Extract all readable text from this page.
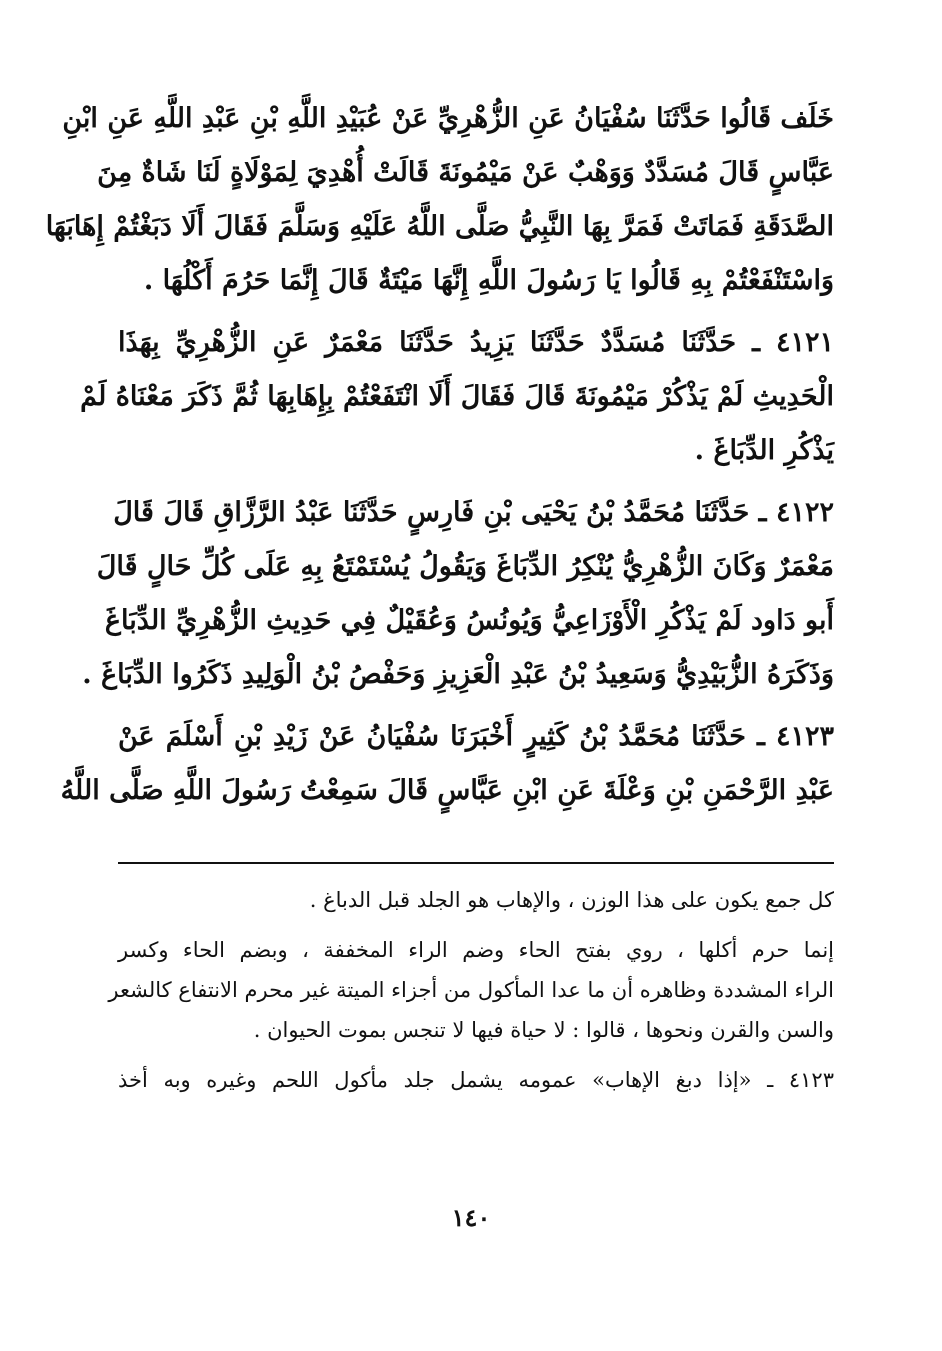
خَلَف قَالُوا حَدَّثَنَا سُفْيَانُ عَنِ الزُّهْرِيِّ عَنْ عُبَيْدِ اللَّهِ بْنِ عَبْدِ اللَّهِ عَنِ ابْنِ
عَبَّاسٍ قَالَ مُسَدَّدٌ وَوَهْبٌ عَنْ مَيْمُونَةَ قَالَتْ أُهْدِيَ لِمَوْلَاةٍ لَنَا شَاةٌ مِنَ
الصَّدَقَةِ فَمَاتَتْ فَمَرَّ بِهَا النَّبِيُّ صَلَّى اللَّهُ عَلَيْهِ وَسَلَّمَ فَقَالَ أَلَا دَبَغْتُمْ إِهَابَهَا
وَاسْتَنْفَعْتُمْ بِهِ قَالُوا يَا رَسُولَ اللَّهِ إِنَّهَا مَيْتَةٌ قَالَ إِنَّمَا حَرُمَ أَكْلُهَا .
٤١٢١ ـ حَدَّثَنَا مُسَدَّدٌ حَدَّثَنَا يَزِيدُ حَدَّثَنَا مَعْمَرٌ عَنِ الزُّهْرِيِّ بِهَذَا
الْحَدِيثِ لَمْ يَذْكُرْ مَيْمُونَةَ قَالَ فَقَالَ أَلَا انْتَفَعْتُمْ بِإِهَابِهَا ثُمَّ ذَكَرَ مَعْنَاهُ لَمْ
يَذْكُرِ الدِّبَاغَ .
٤١٢٢ ـ حَدَّثَنَا مُحَمَّدُ بْنُ يَحْيَى بْنِ فَارِسٍ حَدَّثَنَا عَبْدُ الرَّزَّاقِ قَالَ قَالَ
مَعْمَرٌ وَكَانَ الزُّهْرِيُّ يُنْكِرُ الدِّبَاغَ وَيَقُولُ يُسْتَمْتَعُ بِهِ عَلَى كُلِّ حَالٍ قَالَ
أَبو دَاود لَمْ يَذْكُرِ الْأَوْزَاعِيُّ وَيُونُسُ وَعُقَيْلٌ فِي حَدِيثِ الزُّهْرِيِّ الدِّبَاغَ
وَذَكَرَهُ الزُّبَيْدِيُّ وَسَعِيدُ بْنُ عَبْدِ الْعَزِيزِ وَحَفْصُ بْنُ الْوَلِيدِ ذَكَرُوا الدِّبَاغَ .
٤١٢٣ ـ حَدَّثَنَا مُحَمَّدُ بْنُ كَثِيرٍ أَخْبَرَنَا سُفْيَانُ عَنْ زَيْدِ بْنِ أَسْلَمَ عَنْ
عَبْدِ الرَّحْمَنِ بْنِ وَعْلَةَ عَنِ ابْنِ عَبَّاسٍ قَالَ سَمِعْتُ رَسُولَ اللَّهِ صَلَّى اللَّهُ
كل جمع يكون على هذا الوزن ، والإهاب هو الجلد قبل الدباغ .
إنما حرم أكلها ، روي بفتح الحاء وضم الراء المخففة ، وبضم الحاء وكسر
الراء المشددة وظاهره أن ما عدا المأكول من أجزاء الميتة غير محرم الانتفاع كالشعر
والسن والقرن ونحوها ، قالوا : لا حياة فيها لا تنجس بموت الحيوان .
٤١٢٣ ـ «إذا دبغ الإهاب» عمومه يشمل جلد مأكول اللحم وغيره وبه أخذ
١٤٠
